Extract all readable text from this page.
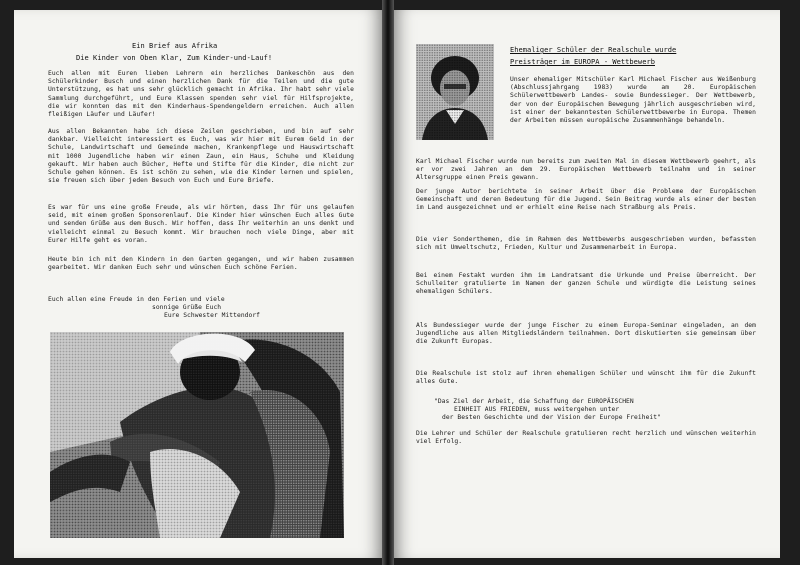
Ein Brief aus Afrika
Die Kinder von Oben Klar, Zum Kinder-und-Lauf!

Euch allen mit Euren lieben Lehrern ein herzliches Dankeschön aus den Schülerkinder Busch und einen herzlichen Dank für die Teilen und die gute Unterstützung, es hat uns sehr glücklich gemacht in Afrika. Ihr habt sehr viele Sammlung durchgeführt, und Eure Klassen spenden sehr viel für Hilfsprojekte, die wir konnten das mit den Kinderhaus-Spendengeldern erreichen. Auch allen fleißigen Läufer und Läufer!

Aus allen Bekannten habe ich diese Zeilen geschrieben, und bin auf sehr dankbar. Vielleicht interessiert es Euch, was wir hier mit Eurem Geld in der Schule, Landwirtschaft und Gemeinde machen, Krankenpflege und Hauswirtschaft mit 1000 Jugendliche haben wir einen Zaun, ein Haus, Schuhe und Kleidung gekauft. Wir haben auch Bücher, Hefte und Stifte für die Kinder, die nicht zur Schule gehen können. Es ist schön zu sehen, wie die Kinder lernen und spielen, sie freuen sich über jeden Besuch von Euch und Eure Briefe.

Es war für uns eine große Freude, als wir hörten, dass Ihr für uns gelaufen seid, mit einem großen Sponsorenlauf. Die Kinder hier wünschen Euch alles Gute und senden Grüße aus dem Busch. Wir hoffen, dass Ihr weiterhin an uns denkt und vielleicht einmal zu Besuch kommt. Wir brauchen noch viele Dinge, aber mit Eurer Hilfe geht es voran.

Heute bin ich mit den Kindern in den Garten gegangen, und wir haben zusammen gearbeitet. Wir danken Euch sehr und wünschen Euch schöne Ferien.

Euch allen eine Freude in den Ferien und viele
sonnige Grüße Euch
Eure Schwester Mittendorf
Ehemaliger Schüler der Realschule wurde
Preisträger im EUROPA - Wettbewerb

Unser ehemaliger Mitschüler Karl Michael Fischer aus Weißenburg (Abschlussjahrgang 1983) wurde am 20. Europäischen Schülerwettbewerb Landes- sowie Bundessieger. Der Wettbewerb, der von der Europäischen Bewegung jährlich ausgeschrieben wird, ist einer der bekanntesten Schülerwettbewerbe in Europa. Themen der Arbeiten müssen europäische Zusammenhänge behandeln.

Karl Michael Fischer wurde nun bereits zum zweiten Mal in diesem Wettbewerb geehrt, als er vor zwei Jahren an dem 29. Europäischen Wettbewerb teilnahm und in seiner Altersgruppe einen Preis gewann.

Der junge Autor berichtete in seiner Arbeit über die Probleme der Europäischen Gemeinschaft und deren Bedeutung für die Jugend. Sein Beitrag wurde als einer der besten im Land ausgezeichnet und er erhielt eine Reise nach Straßburg als Preis.

Die vier Sonderthemen, die im Rahmen des Wettbewerbs ausgeschrieben wurden, befassten sich mit Umweltschutz, Frieden, Kultur und Zusammenarbeit in Europa.

Bei einem Festakt wurden ihm im Landratsamt die Urkunde und Preise überreicht. Der Schulleiter gratulierte im Namen der ganzen Schule und würdigte die Leistung seines ehemaligen Schülers.

Als Bundessieger wurde der junge Fischer zu einem Europa-Seminar eingeladen, an dem Jugendliche aus allen Mitgliedsländern teilnahmen. Dort diskutierten sie gemeinsam über die Zukunft Europas.

Die Realschule ist stolz auf ihren ehemaligen Schüler und wünscht ihm für die Zukunft alles Gute.

"Das Ziel der Arbeit, die Schaffung der EUROPÄISCHEN
EINHEIT AUS FRIEDEN, muss weitergehen unter
der Besten Geschichte und der Vision der Europe Freiheit"

Die Lehrer und Schüler der Realschule gratulieren recht herzlich und wünschen weiterhin viel Erfolg.
